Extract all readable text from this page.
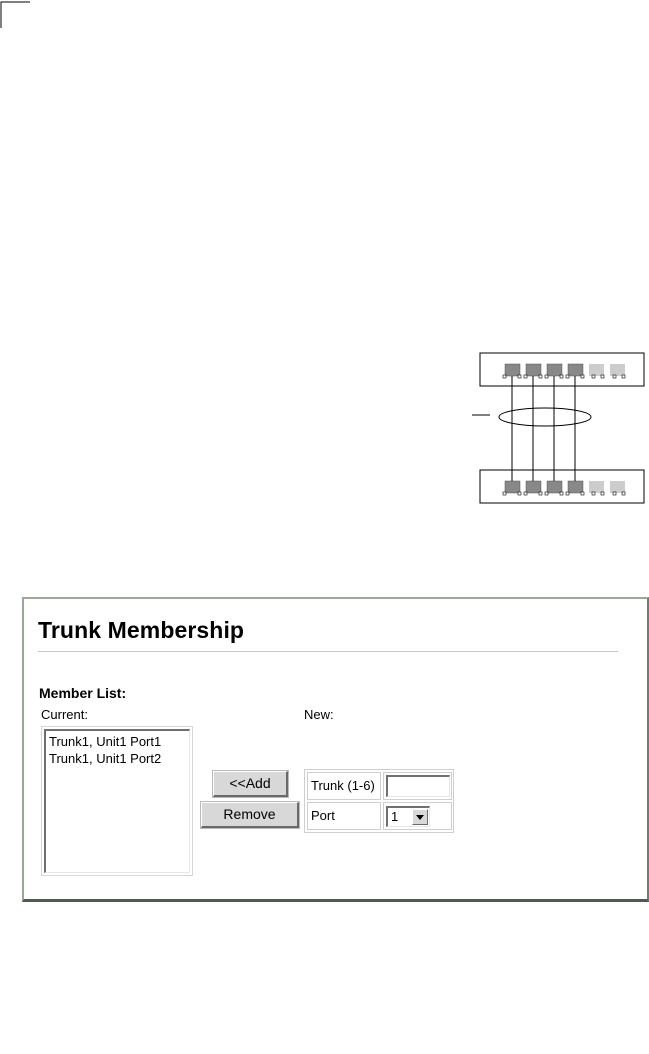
Trunk Membership
Member List:
Current:	New:
Trunk1, Unit1 Port1
Trunk1, Unit1 Port2
<<Add
Remove
Trunk (1-6)
Port	1
